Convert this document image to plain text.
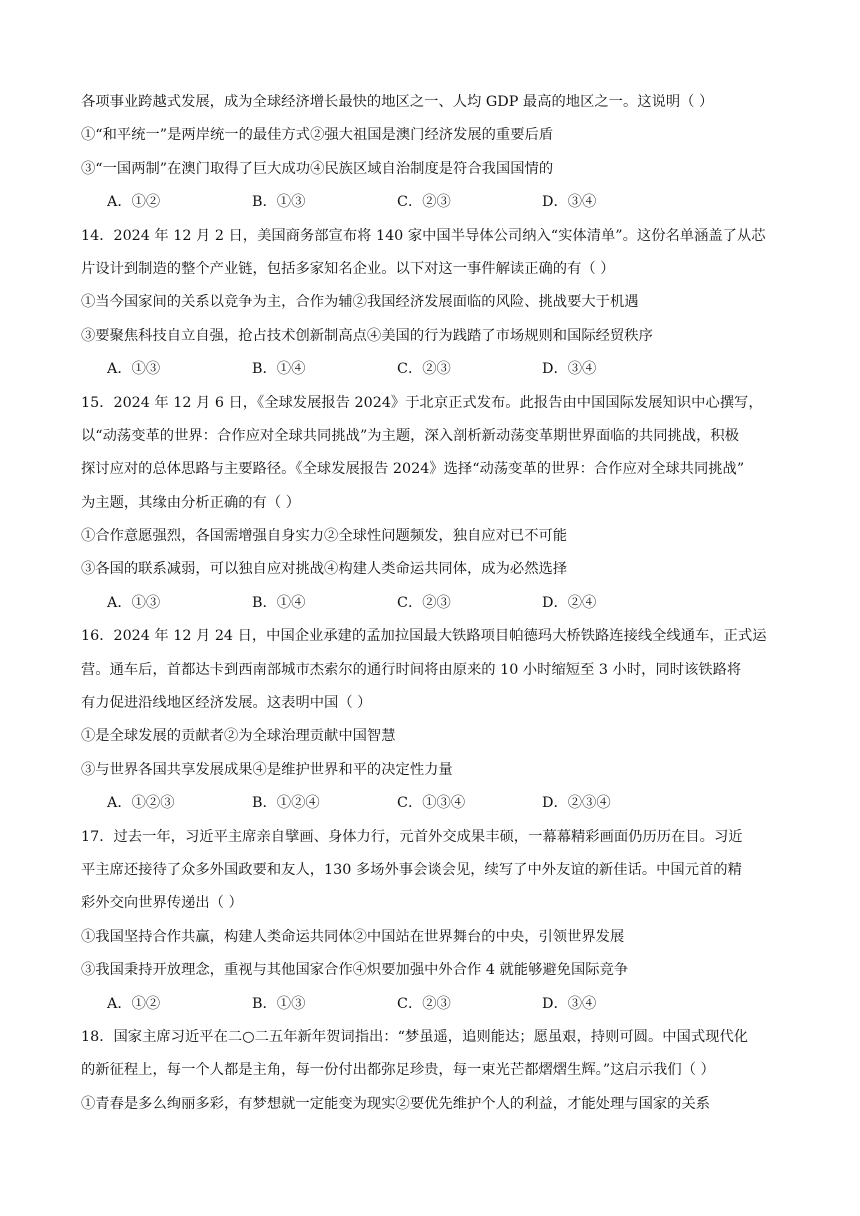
各项事业跨越式发展，成为全球经济增长最快的地区之一、人均 GDP 最高的地区之一。这说明（ ）
①“和平统一”是两岸统一的最佳方式②强大祖国是澳门经济发展的重要后盾
③“一国两制”在澳门取得了巨大成功④民族区域自治制度是符合我国国情的
A．①②	B．①③	C．②③	D．③④
14．2024 年 12 月 2 日，美国商务部宣布将 140 家中国半导体公司纳入“实体清单”。这份名单涵盖了从芯
片设计到制造的整个产业链，包括多家知名企业。以下对这一事件解读正确的有（ ）
①当今国家间的关系以竞争为主，合作为辅②我国经济发展面临的风险、挑战要大于机遇
③要聚焦科技自立自强，抢占技术创新制高点④美国的行为践踏了市场规则和国际经贸秩序
A．①③	B．①④	C．②③	D．③④
15．2024 年 12 月 6 日，《全球发展报告 2024》于北京正式发布。此报告由中国国际发展知识中心撰写，
以“动荡变革的世界：合作应对全球共同挑战”为主题，深入剖析新动荡变革期世界面临的共同挑战，积极
探讨应对的总体思路与主要路径。《全球发展报告 2024》选择“动荡变革的世界：合作应对全球共同挑战”
为主题，其缘由分析正确的有（ ）
①合作意愿强烈，各国需增强自身实力②全球性问题频发，独自应对已不可能
③各国的联系减弱，可以独自应对挑战④构建人类命运共同体，成为必然选择
A．①③	B．①④	C．②③	D．②④
16．2024 年 12 月 24 日，中国企业承建的孟加拉国最大铁路项目帕德玛大桥铁路连接线全线通车，正式运
营。通车后，首都达卡到西南部城市杰索尔的通行时间将由原来的 10 小时缩短至 3 小时，同时该铁路将
有力促进沿线地区经济发展。这表明中国（ ）
①是全球发展的贡献者②为全球治理贡献中国智慧
③与世界各国共享发展成果④是维护世界和平的决定性力量
A．①②③	B．①②④	C．①③④	D．②③④
17．过去一年，习近平主席亲自擘画、身体力行，元首外交成果丰硕，一幕幕精彩画面仍历历在目。习近
平主席还接待了众多外国政要和友人，130 多场外事会谈会见，续写了中外友谊的新佳话。中国元首的精
彩外交向世界传递出（ ）
①我国坚持合作共赢，构建人类命运共同体②中国站在世界舞台的中央，引领世界发展
③我国秉持开放理念，重视与其他国家合作④炽要加强中外合作 4 就能够避免国际竞争
A．①②	B．①③	C．②③	D．③④
18．国家主席习近平在二○二五年新年贺词指出：“梦虽遥，追则能达；愿虽艰，持则可圆。中国式现代化
的新征程上，每一个人都是主角，每一份付出都弥足珍贵，每一束光芒都熠熠生辉。”这启示我们（ ）
①青春是多么绚丽多彩，有梦想就一定能变为现实②要优先维护个人的利益，才能处理与国家的关系
